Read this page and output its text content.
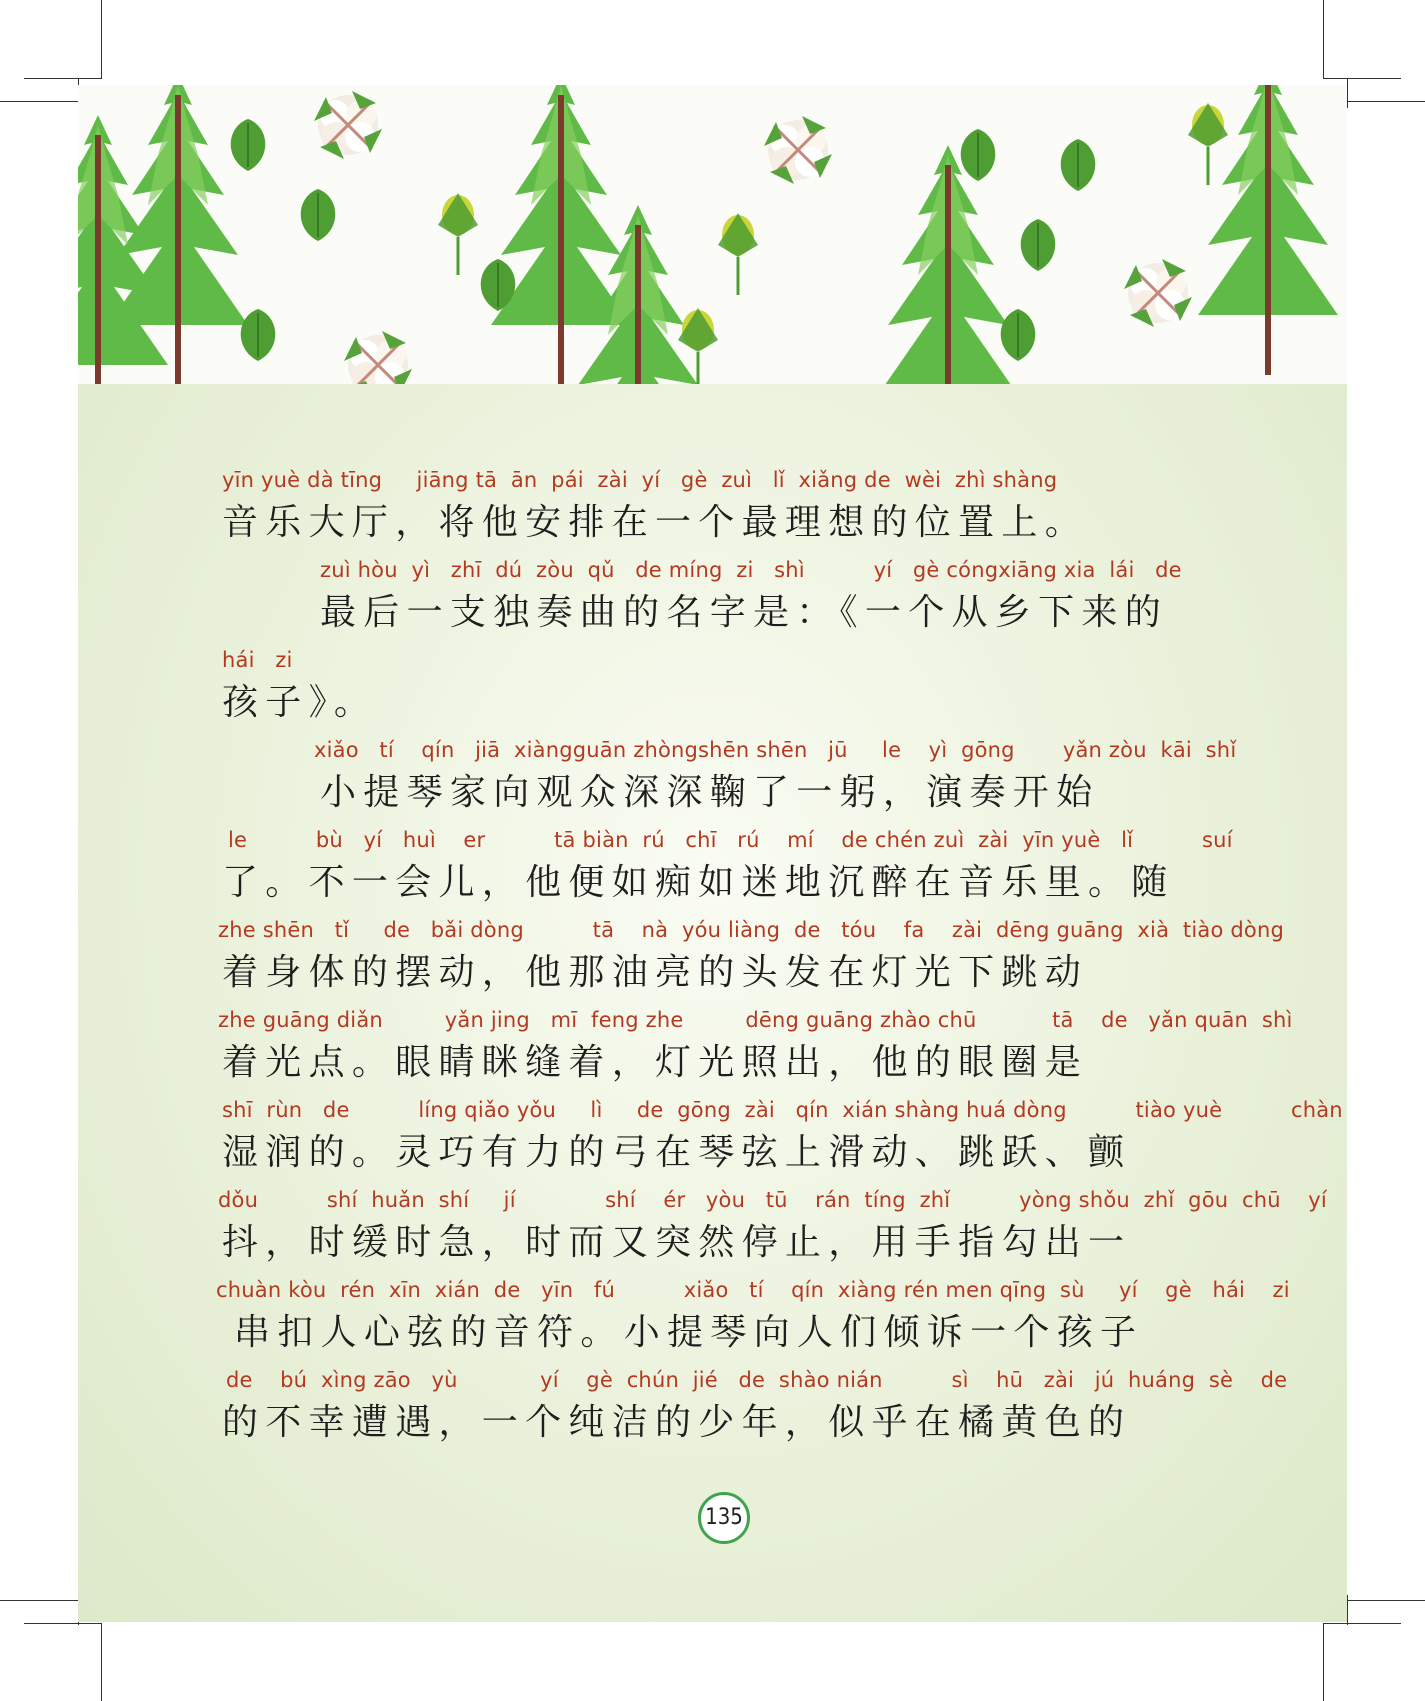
yīn yuè dà tīng     jiāng tā  ān  pái  zài  yí   gè  zuì   lǐ  xiǎng de  wèi  zhì shàng
音乐大厅，将他安排在一个最理想的位置上。
zuì hòu  yì   zhī  dú  zòu  qǔ   de míng  zi   shì          yí   gè cóngxiāng xia  lái   de
最后一支独奏曲的名字是：《一个从乡下来的
hái   zi
孩子》。
xiǎo   tí    qín   jiā  xiàngguān zhòngshēn shēn   jū     le    yì  gōng       yǎn zòu  kāi  shǐ
小提琴家向观众深深鞠了一躬，演奏开始
le          bù   yí   huì    er          tā biàn  rú   chī   rú    mí    de chén zuì  zài  yīn yuè   lǐ          suí
了。不一会儿，他便如痴如迷地沉醉在音乐里。随
zhe shēn   tǐ     de   bǎi dòng          tā    nà  yóu liàng  de   tóu    fa    zài  dēng guāng  xià  tiào dòng
着身体的摆动，他那油亮的头发在灯光下跳动
zhe guāng diǎn         yǎn jing   mī  feng zhe         dēng guāng zhào chū           tā    de   yǎn quān  shì
着光点。眼睛眯缝着，灯光照出，他的眼圈是
shī  rùn   de          líng qiǎo yǒu     lì     de  gōng  zài   qín  xián shàng huá dòng          tiào yuè          chàn
湿润的。灵巧有力的弓在琴弦上滑动、跳跃、颤
dǒu          shí  huǎn  shí     jí             shí    ér   yòu   tū    rán  tíng  zhǐ          yòng shǒu  zhǐ  gōu  chū    yí
抖，时缓时急，时而又突然停止，用手指勾出一
chuàn kòu  rén  xīn  xián  de   yīn   fú          xiǎo   tí    qín  xiàng rén men qīng  sù     yí    gè   hái    zi
串扣人心弦的音符。小提琴向人们倾诉一个孩子
de    bú  xìng zāo   yù            yí    gè  chún  jié   de  shào nián          sì    hū   zài   jú  huáng  sè    de
的不幸遭遇，一个纯洁的少年，似乎在橘黄色的
135
